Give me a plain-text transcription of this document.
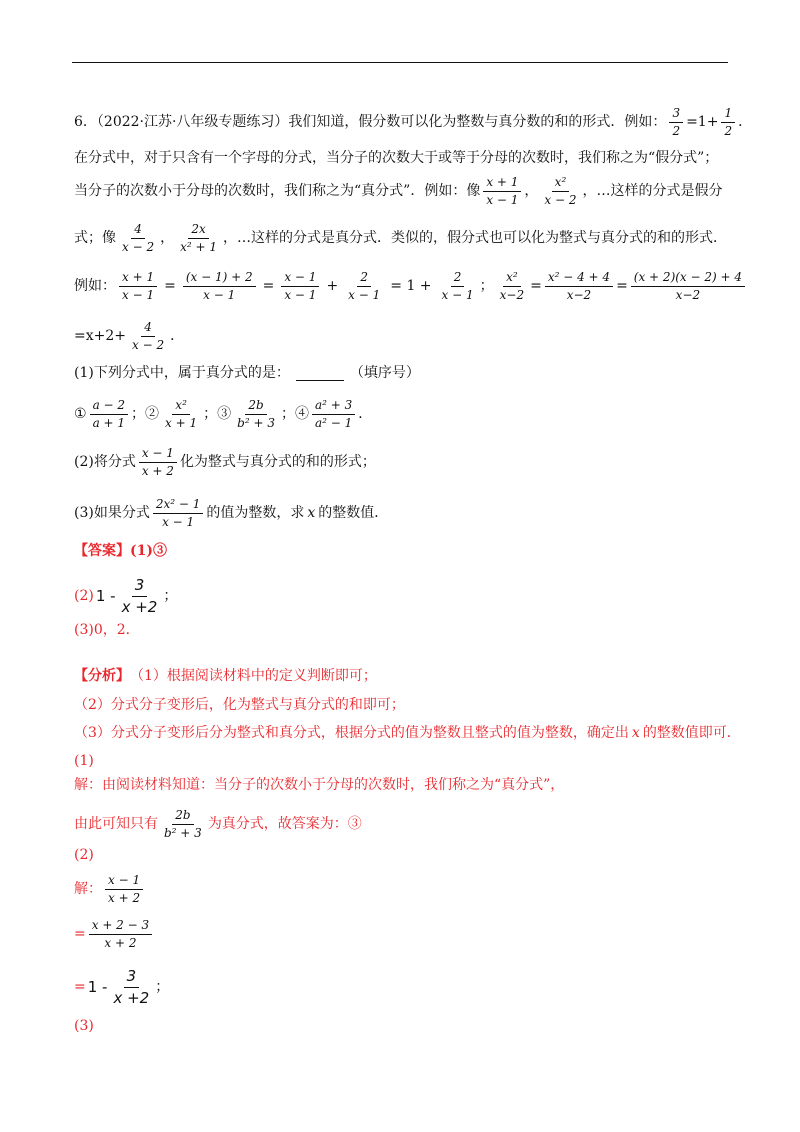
6．（2022·江苏·八年级专题练习）我们知道，假分数可以化为整数与真分数的和的形式．例如： $\frac{3}{2} =1+ \frac{1}{2}$ ．
在分式中，对于只含有一个字母的分式，当分子的次数大于或等于分母的次数时，我们称之为“假分式”；
当分子的次数小于分母的次数时，我们称之为“真分式”．例如：像 $\frac{x + 1}{x - 1}$ ， $\frac{\text{x²}}{x - 2}$ ，…这样的分式是假分
式；像 $\frac{4}{x - 2}$ ， $\frac{2x}{\text{x² + 1}}$ ，…这样的分式是真分式．类似的，假分式也可以化为整式与真分式的和的形式．
例如： $\frac{x + 1}{x - 1} = \frac{(x - 1) + 2}{x - 1} = \frac{x - 1}{x - 1} + \frac{2}{x - 1} = 1 + \frac{2}{x - 1}$ ； $\frac{\text{x²}}{x-2} = \frac{\text{x² − 4 + 4}}{x-2} = \frac{(x + 2)(x - 2) + 4}{x-2}$
$=x+2+ \frac{4}{x - 2}$ ．
(1)下列分式中，属于真分式的是：	（填序号）
① $\frac{a - 2}{a + 1}$ ；② $\frac{\text{x²}}{x + 1}$ ；③ $\frac{2b}{\text{b² + 3}}$ ；④ $\frac{\text{a² + 3}}{\text{a² − 1}}$ ．
(2)将分式 $\frac{x - 1}{x + 2}$ 化为整式与真分式的和的形式；
(3)如果分式 $\frac{\text{2x² − 1}}{x - 1}$ 的值为整数，求 x 的整数值．
【答案】(1)③
(2) $1 - \frac{3}{x +2}$ ；
(3)0，2．
【分析】 （1）根据阅读材料中的定义判断即可；
（2）分式分子变形后，化为整式与真分式的和即可；
（3）分式分子变形后分为整式和真分式，根据分式的值为整数且整式的值为整数，确定出 x 的整数值即可．
(1)
解：由阅读材料知道：当分子的次数小于分母的次数时，我们称之为“真分式”，
由此可知只有 $\frac{2b}{\text{b² + 3}}$ 为真分式，故答案为：③
(2)
解： $\frac{x - 1}{x + 2}$
= $\frac{x + 2 - 3}{x + 2}$
= $1 - \frac{3}{x +2}$ ；
(3)
